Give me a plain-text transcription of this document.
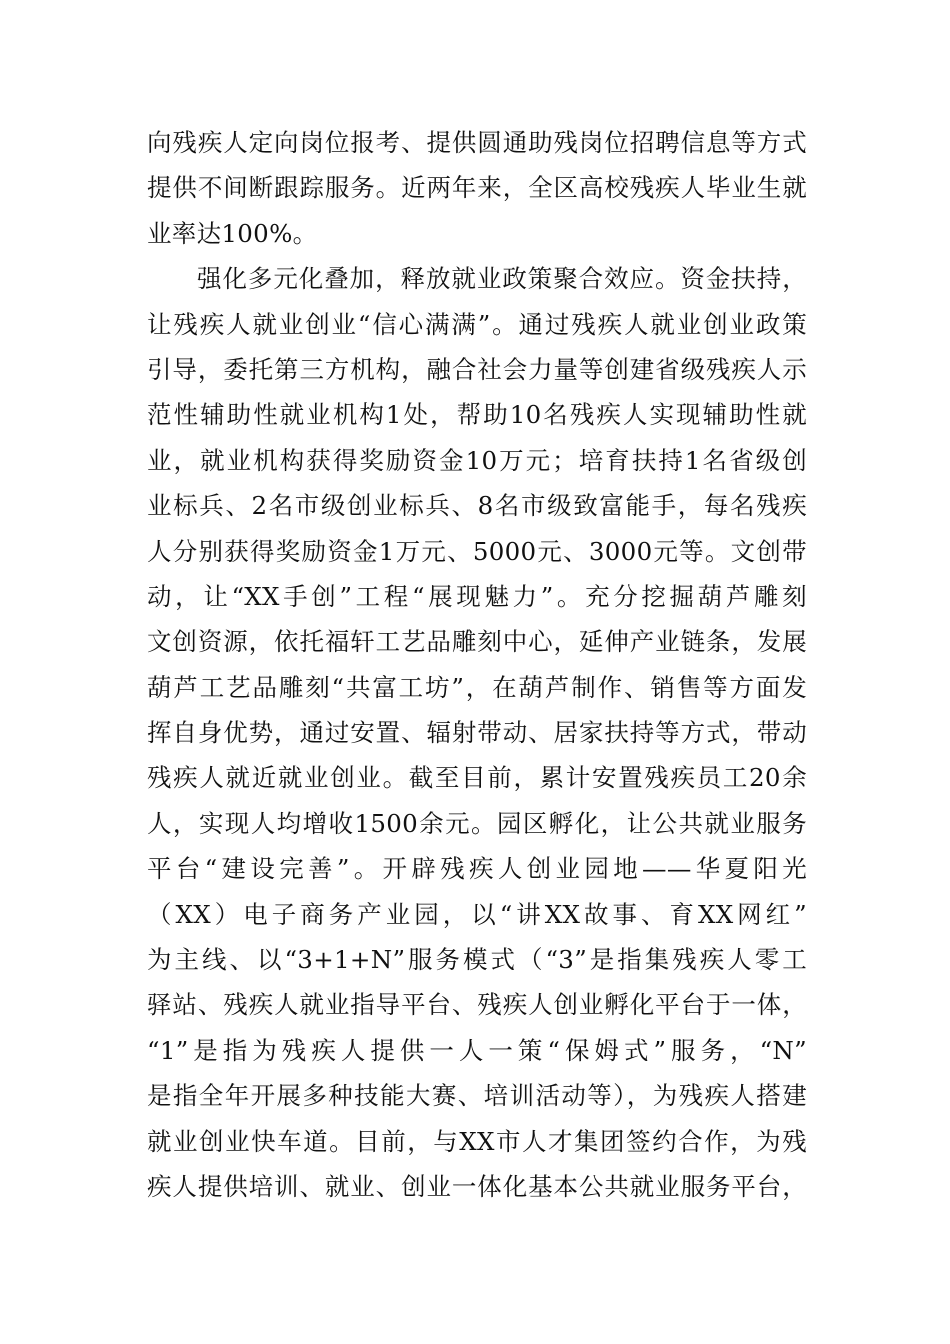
向残疾人定向岗位报考、提供圆通助残岗位招聘信息等方式
提供不间断跟踪服务。近两年来，全区高校残疾人毕业生就
业率达100%。
强化多元化叠加，释放就业政策聚合效应。资金扶持，
让残疾人就业创业“信心满满”。通过残疾人就业创业政策
引导，委托第三方机构，融合社会力量等创建省级残疾人示
范性辅助性就业机构1处，帮助10名残疾人实现辅助性就
业，就业机构获得奖励资金10万元；培育扶持1名省级创
业标兵、2名市级创业标兵、8名市级致富能手，每名残疾
人分别获得奖励资金1万元、5000元、3000元等。文创带
动，让“XX手创”工程“展现魅力”。充分挖掘葫芦雕刻
文创资源，依托福轩工艺品雕刻中心，延伸产业链条，发展
葫芦工艺品雕刻“共富工坊”，在葫芦制作、销售等方面发
挥自身优势，通过安置、辐射带动、居家扶持等方式，带动
残疾人就近就业创业。截至目前，累计安置残疾员工20余
人，实现人均增收1500余元。园区孵化，让公共就业服务
平台“建设完善”。开辟残疾人创业园地——华夏阳光
（XX）电子商务产业园，以“讲XX故事、育XX网红”
为主线、以“3+1+N”服务模式（“3”是指集残疾人零工
驿站、残疾人就业指导平台、残疾人创业孵化平台于一体，
“1”是指为残疾人提供一人一策“保姆式”服务，“N”
是指全年开展多种技能大赛、培训活动等），为残疾人搭建
就业创业快车道。目前，与XX市人才集团签约合作，为残
疾人提供培训、就业、创业一体化基本公共就业服务平台，
